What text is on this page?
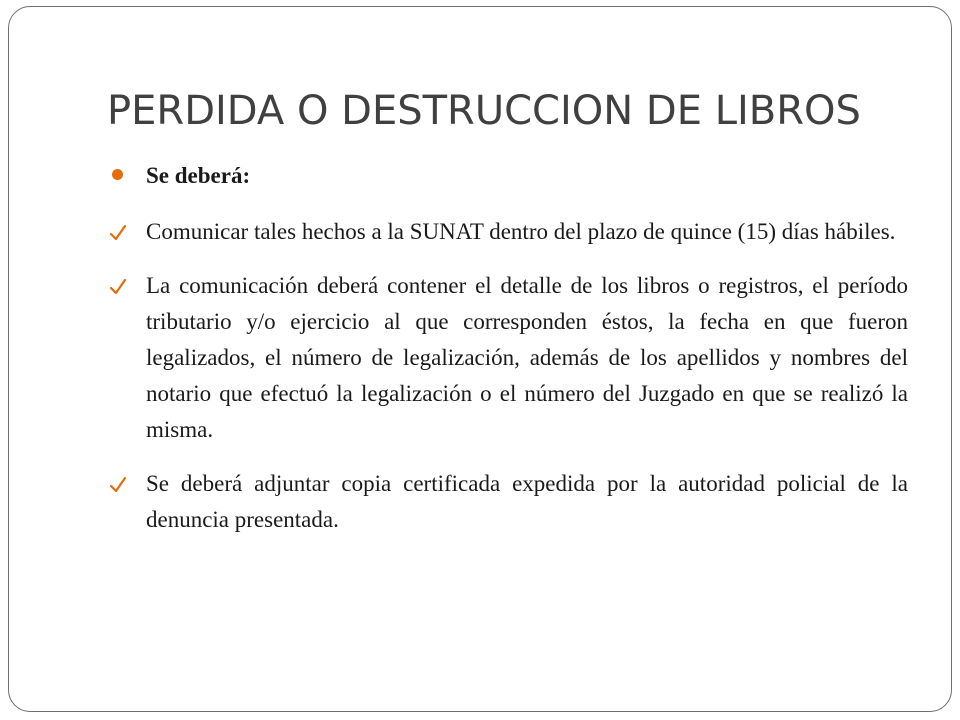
PERDIDA O DESTRUCCION DE LIBROS
Se deberá:
Comunicar tales hechos a la SUNAT dentro del plazo de quince (15) días hábiles.
La comunicación deberá contener el detalle de los libros o registros, el período tributario y/o ejercicio al que corresponden éstos, la fecha en que fueron legalizados, el número de legalización, además de los apellidos y nombres del notario que efectuó la legalización o el número del Juzgado en que se realizó la misma.
Se deberá adjuntar copia certificada expedida por la autoridad policial de la denuncia presentada.
